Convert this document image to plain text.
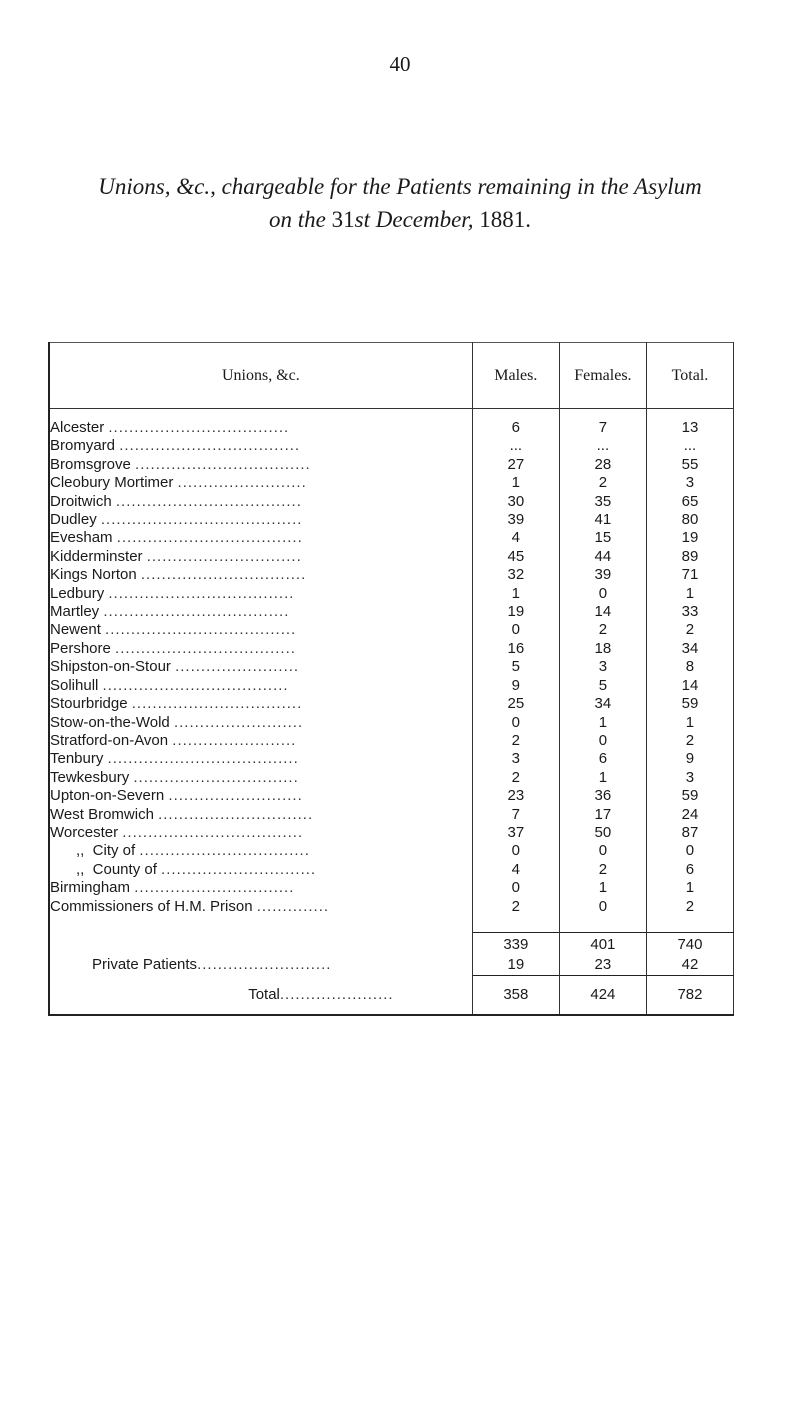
40
Unions, &c., chargeable for the Patients remaining in the Asylum
on the 31st December, 1881.
Unions, &c.	Males.	Females.	Total.
Alcester ...................................	6	7	13
Bromyard ...................................	...	...	...
Bromsgrove ..................................	27	28	55
Cleobury Mortimer .........................	1	2	3
Droitwich ....................................	30	35	65
Dudley .......................................	39	41	80
Evesham ....................................	4	15	19
Kidderminster ..............................	45	44	89
Kings Norton ................................	32	39	71
Ledbury ....................................	1	0	1
Martley ....................................	19	14	33
Newent .....................................	0	2	2
Pershore ...................................	16	18	34
Shipston-on-Stour ........................	5	3	8
Solihull ....................................	9	5	14
Stourbridge .................................	25	34	59
Stow-on-the-Wold .........................	0	1	1
Stratford-on-Avon ........................	2	0	2
Tenbury .....................................	3	6	9
Tewkesbury ................................	2	1	3
Upton-on-Severn ..........................	23	36	59
West Bromwich ..............................	7	17	24
Worcester ...................................	37	50	87
,,  City of .................................	0	0	0
,,  County of ..............................	4	2	6
Birmingham ...............................	0	1	1
Commissioners of H.M. Prison ..............	2	0	2

	339	401	740
Private Patients..........................	19	23	42
Total......................	358	424	782
